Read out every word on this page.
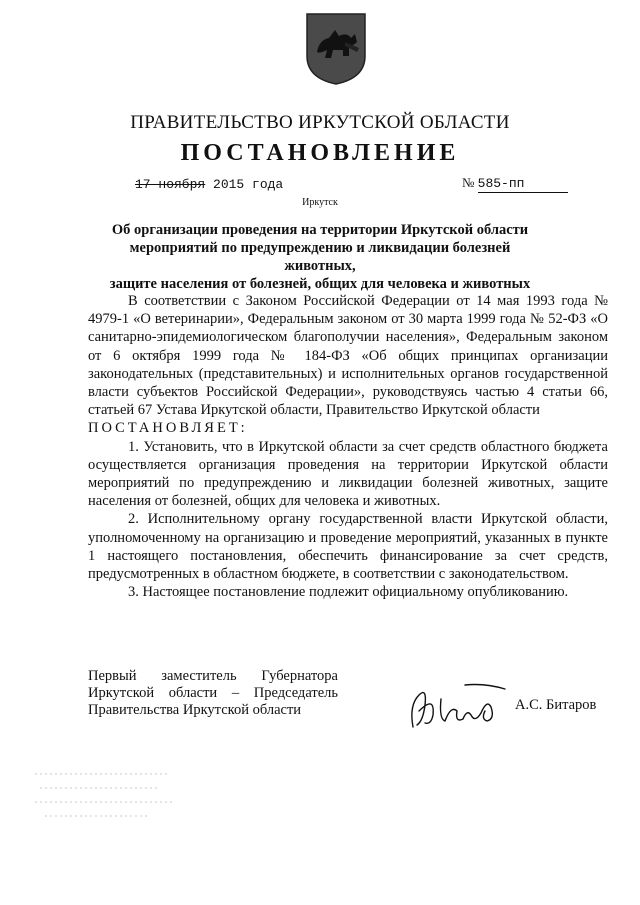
ПРАВИТЕЛЬСТВО ИРКУТСКОЙ ОБЛАСТИ
ПОСТАНОВЛЕНИЕ
17 ноября 2015 года	№ 585-пп
Иркутск
Об организации проведения на территории Иркутской области
мероприятий по предупреждению и ликвидации болезней животных,
защите населения от болезней, общих для человека и животных

В соответствии с Законом Российской Федерации от 14 мая 1993 года № 4979-1 «О ветеринарии», Федеральным законом от 30 марта 1999 года № 52-ФЗ «О санитарно-эпидемиологическом благополучии населения», Федеральным законом от 6 октября 1999 года № 184-ФЗ «Об общих принципах организации законодательных (представительных) и исполнительных органов государственной власти субъектов Российской Федерации», руководствуясь частью 4 статьи 66, статьей 67 Устава Иркутской области, Правительство Иркутской области

ПОСТАНОВЛЯЕТ:

1. Установить, что в Иркутской области за счет средств областного бюджета осуществляется организация проведения на территории Иркутской области мероприятий по предупреждению и ликвидации болезней животных, защите населения от болезней, общих для человека и животных.

2. Исполнительному органу государственной власти Иркутской области, уполномоченному на организацию и проведение мероприятий, указанных в пункте 1 настоящего постановления, обеспечить финансирование за счет средств, предусмотренных в областном бюджете, в соответствии с законодательством.

3. Настоящее постановление подлежит официальному опубликованию.

Первый заместитель Губернатора
Иркутской области – Председатель
Правительства Иркутской области	А.С. Битаров
